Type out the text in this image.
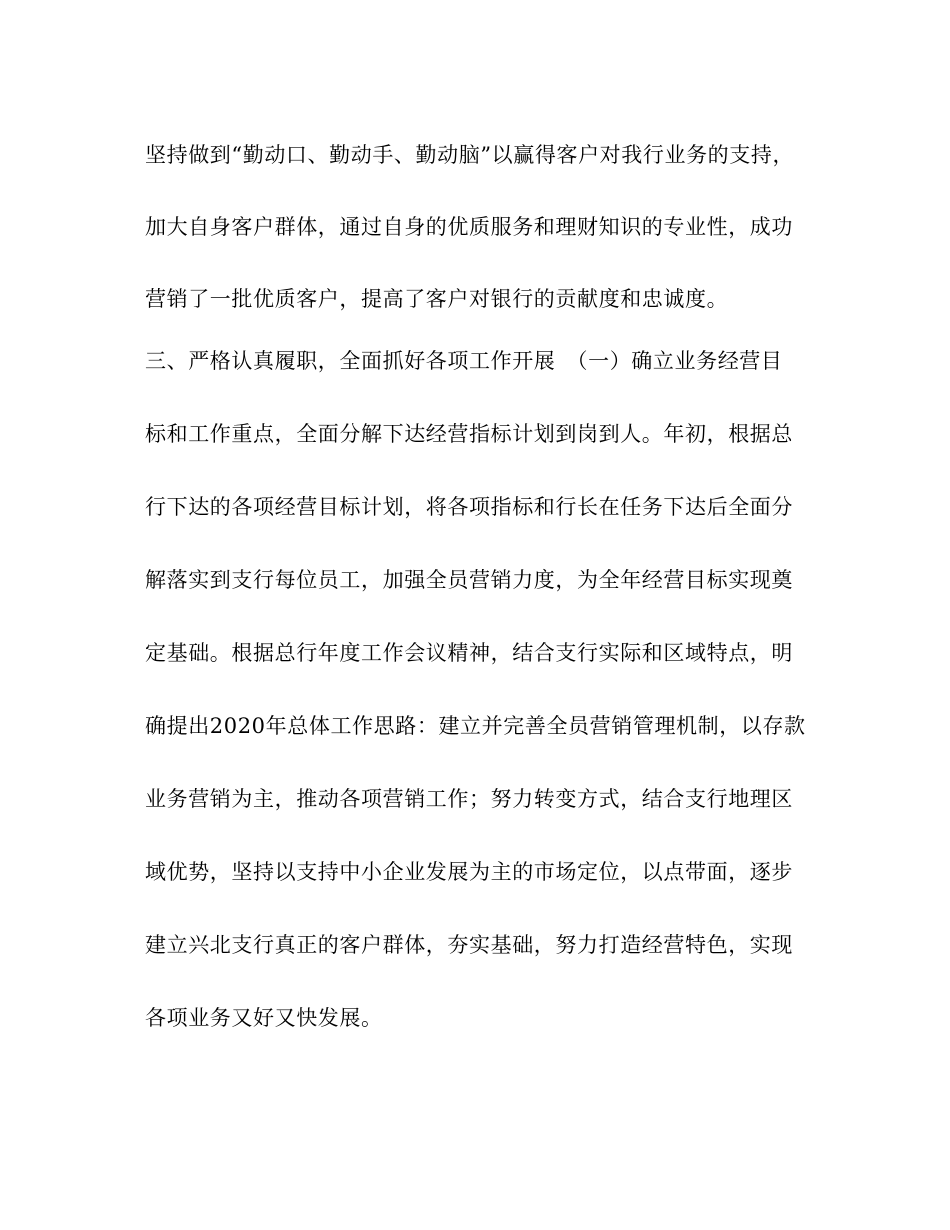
坚持做到“勤动口、勤动手、勤动脑”以赢得客户对我行业务的支持，
加大自身客户群体，通过自身的优质服务和理财知识的专业性，成功
营销了一批优质客户，提高了客户对银行的贡献度和忠诚度。
三、严格认真履职，全面抓好各项工作开展　（一）确立业务经营目
标和工作重点，全面分解下达经营指标计划到岗到人。年初，根据总
行下达的各项经营目标计划，将各项指标和行长在任务下达后全面分
解落实到支行每位员工，加强全员营销力度，为全年经营目标实现奠
定基础。根据总行年度工作会议精神，结合支行实际和区域特点，明
确提出2020年总体工作思路：建立并完善全员营销管理机制，以存款
业务营销为主，推动各项营销工作；努力转变方式，结合支行地理区
域优势，坚持以支持中小企业发展为主的市场定位，以点带面，逐步
建立兴北支行真正的客户群体，夯实基础，努力打造经营特色，实现
各项业务又好又快发展。
